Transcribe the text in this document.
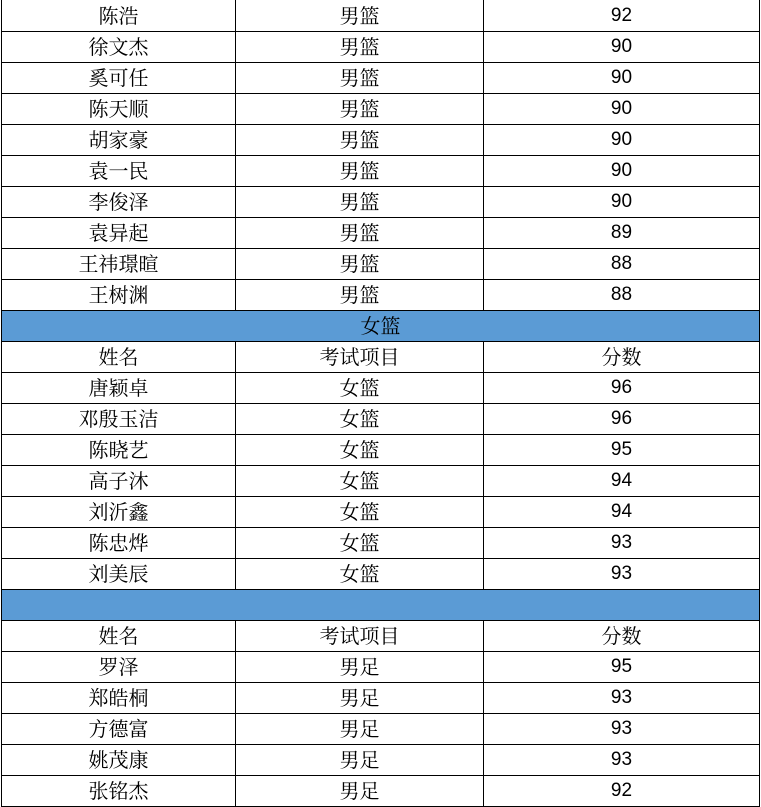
陈浩	男篮	92
徐文杰	男篮	90
奚可任	男篮	90
陈天顺	男篮	90
胡家豪	男篮	90
袁一民	男篮	90
李俊泽	男篮	90
袁异起	男篮	89
王祎璟暄	男篮	88
王树渊	男篮	88
女篮		
姓名	考试项目	分数
唐颖卓	女篮	96
邓殷玉洁	女篮	96
陈晓艺	女篮	95
高子沐	女篮	94
刘沂鑫	女篮	94
陈忠烨	女篮	93
刘美辰	女篮	93

姓名	考试项目	分数
罗泽	男足	95
郑皓桐	男足	93
方德富	男足	93
姚茂康	男足	93
张铭杰	男足	92
